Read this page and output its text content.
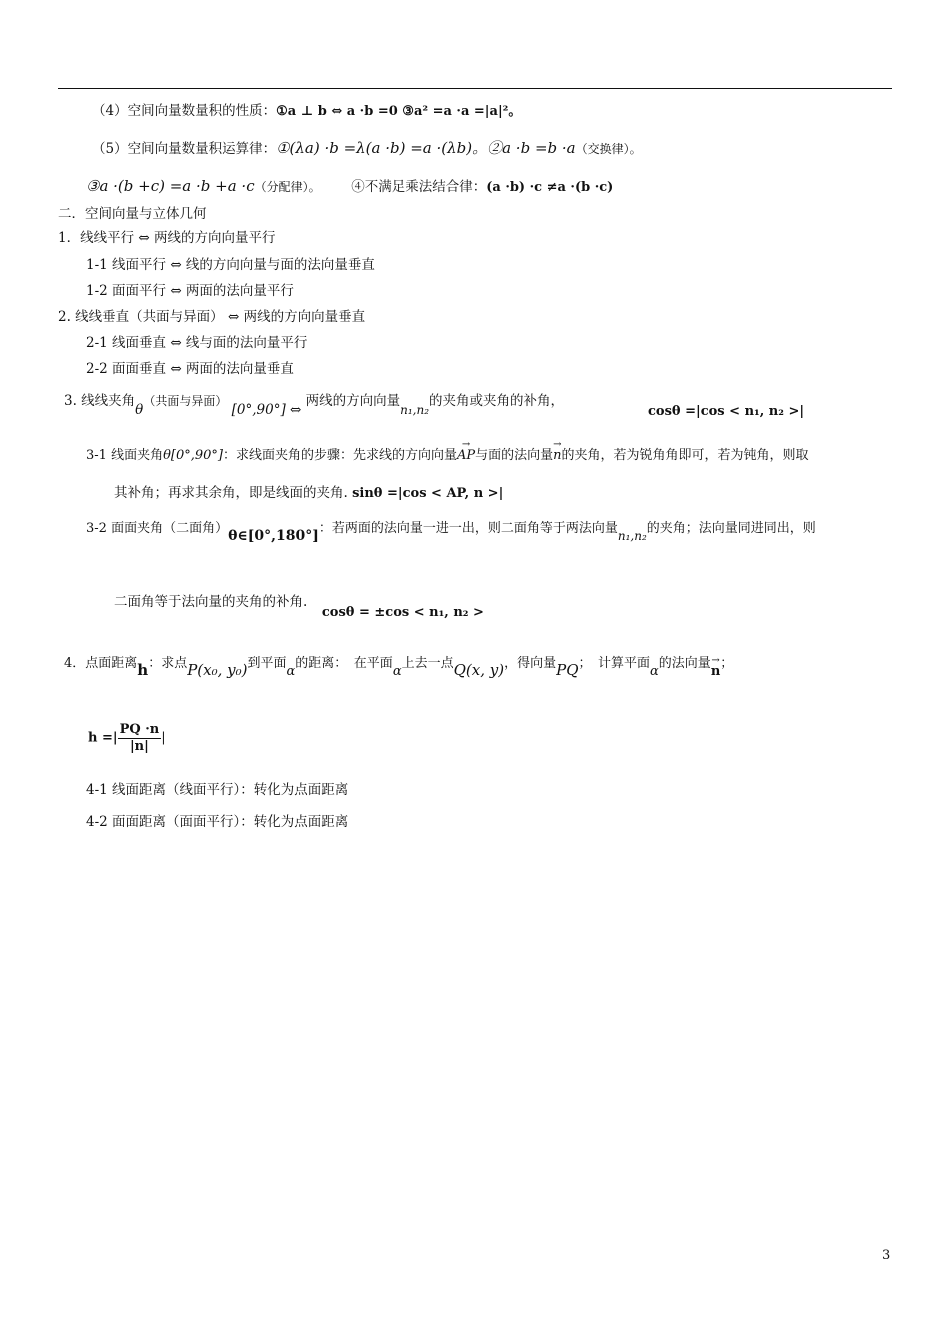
（4）空间向量数量积的性质：①a ⊥ b ⇔ a ·b =0 ③a² =a ·a =|a|²。
（5）空间向量数量积运算律：①(λa) ·b =λ(a ·b) =a ·(λb)。②a ·b =b ·a（交换律）。
③a ·(b +c) =a ·b +a ·c（分配律）。 ④不满足乘法结合律：(a ·b) ·c ≠a ·(b ·c)
二．空间向量与立体几何
1．线线平行 ⇔ 两线的方向向量平行
1-1 线面平行 ⇔ 线的方向向量与面的法向量垂直
1-2 面面平行 ⇔ 两面的法向量平行
2. 线线垂直（共面与异面） ⇔ 两线的方向向量垂直
2-1 线面垂直 ⇔ 线与面的法向量平行
2-2 面面垂直 ⇔ 两面的法向量垂直
3. 线线夹角θ（共面与异面） [0°,90°] ⇔ 两线的方向向量n₁,n₂的夹角或夹角的补角，
cosθ =|cos < n₁, n₂ >|
3-1 线面夹角θ[0°,90°]：求线面夹角的步骤：先求线的方向向量→ AP与面的法向量→ n的夹角，若为锐角角即可，若为钝角，则取
其补角；再求其余角，即是线面的夹角. sinθ =|cos < AP, n >|
3-2 面面夹角（二面角）θ∈[0°,180°]：若两面的法向量一进一出，则二面角等于两法向量n₁,n₂的夹角；法向量同进同出，则
二面角等于法向量的夹角的补角.  cosθ = ±cos < n₁, n₂ >
4．点面距离h：求点P(x₀, y₀)到平面α的距离：　在平面α上去一点Q(x, y)，得向量PQ；　计算平面α的法向量→ n；
h =| $\frac{PQ \cdot n}{|n|}$ |
4-1 线面距离（线面平行）：转化为点面距离
4-2 面面距离（面面平行）：转化为点面距离
3
